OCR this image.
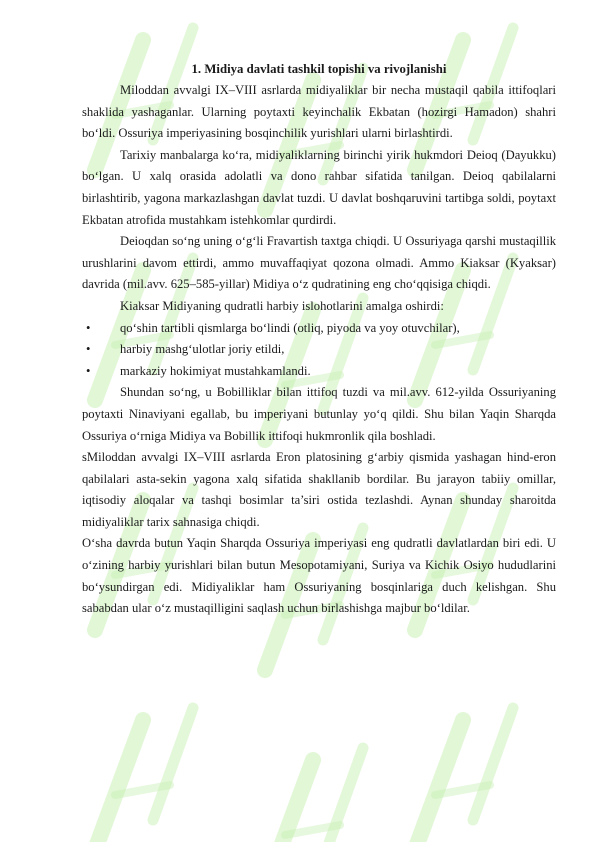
1. Midiya davlati tashkil topishi va rivojlanishi

Miloddan avvalgi IX–VIII asrlarda midiyaliklar bir necha mustaqil qabila ittifoqlari shaklida yashaganlar. Ularning poytaxti keyinchalik Ekbatan (hozirgi Hamadon) shahri bo‘ldi. Ossuriya imperiyasining bosqinchilik yurishlari ularni birlashtirdi.

Tarixiy manbalarga ko‘ra, midiyaliklarning birinchi yirik hukmdori Deioq (Dayukku) bo‘lgan. U xalq orasida adolatli va dono rahbar sifatida tanilgan. Deioq qabilalarni birlashtirib, yagona markazlashgan davlat tuzdi. U davlat boshqaruvini tartibga soldi, poytaxt Ekbatan atrofida mustahkam istehkomlar qurdirdi.

Deioqdan so‘ng uning o‘g‘li Fravartish taxtga chiqdi. U Ossuriyaga qarshi mustaqillik urushlarini davom ettirdi, ammo muvaffaqiyat qozona olmadi. Ammo Kiaksar (Kyaksar) davrida (mil.avv. 625–585-yillar) Midiya o‘z qudratining eng cho‘qqisiga chiqdi.

Kiaksar Midiyaning qudratli harbiy islohotlarini amalga oshirdi:

• qo‘shin tartibli qismlarga bo‘lindi (otliq, piyoda va yoy otuvchilar),
• harbiy mashg‘ulotlar joriy etildi,
• markaziy hokimiyat mustahkamlandi.

Shundan so‘ng, u Bobilliklar bilan ittifoq tuzdi va mil.avv. 612-yilda Ossuriyaning poytaxti Ninaviyani egallab, bu imperiyani butunlay yo‘q qildi. Shu bilan Yaqin Sharqda Ossuriya o‘rniga Midiya va Bobillik ittifoqi hukmronlik qila boshladi.

sMiloddan avvalgi IX–VIII asrlarda Eron platosining g‘arbiy qismida yashagan hind-eron qabilalari asta-sekin yagona xalq sifatida shakllanib bordilar. Bu jarayon tabiiy omillar, iqtisodiy aloqalar va tashqi bosimlar ta’siri ostida tezlashdi. Aynan shunday sharoitda midiyaliklar tarix sahnasiga chiqdi.

O‘sha davrda butun Yaqin Sharqda Ossuriya imperiyasi eng qudratli davlatlardan biri edi. U o‘zining harbiy yurishlari bilan butun Mesopotamiyani, Suriya va Kichik Osiyo hududlarini bo‘ysundirgan edi. Midiyaliklar ham Ossuriyaning bosqinlariga duch kelishgan. Shu sababdan ular o‘z mustaqilligini saqlash uchun birlashishga majbur bo‘ldilar.
